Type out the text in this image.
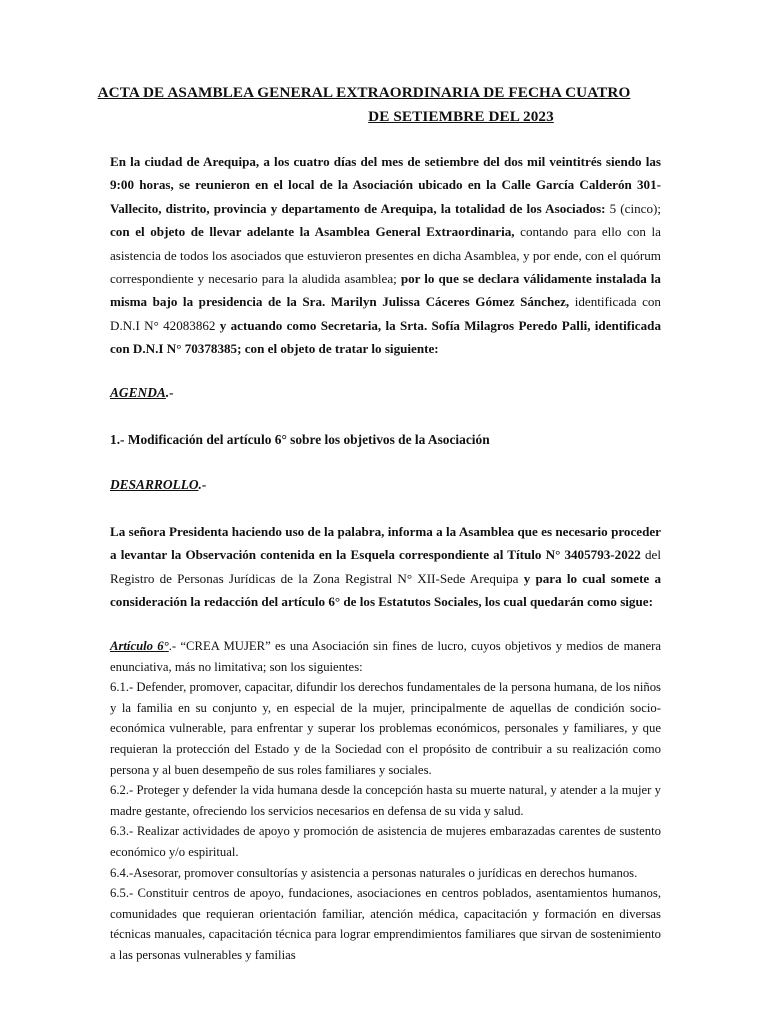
ACTA DE ASAMBLEA GENERAL EXTRAORDINARIA DE FECHA CUATRO
DE SETIEMBRE DEL 2023
En la ciudad de Arequipa, a los cuatro días del mes de setiembre del dos mil veintitrés siendo las 9:00 horas, se reunieron en el local de la Asociación ubicado en la Calle García Calderón 301- Vallecito, distrito, provincia y departamento de Arequipa, la totalidad de los Asociados: 5 (cinco); con el objeto de llevar adelante la Asamblea General Extraordinaria, contando para ello con la asistencia de todos los asociados que estuvieron presentes en dicha Asamblea, y por ende, con el quórum correspondiente y necesario para la aludida asamblea; por lo que se declara válidamente instalada la misma bajo la presidencia de la Sra. Marilyn Julissa Cáceres Gómez Sánchez, identificada con D.N.I N° 42083862 y actuando como Secretaria, la Srta. Sofía Milagros Peredo Palli, identificada con D.N.I N° 70378385; con el objeto de tratar lo siguiente:
AGENDA.-
1.- Modificación del artículo 6° sobre los objetivos de la Asociación
DESARROLLO.-
La señora Presidenta haciendo uso de la palabra, informa a la Asamblea que es necesario proceder a levantar la Observación contenida en la Esquela correspondiente al Título N° 3405793-2022 del Registro de Personas Jurídicas de la Zona Registral N° XII-Sede Arequipa y para lo cual somete a consideración la redacción del artículo 6° de los Estatutos Sociales, los cual quedarán como sigue:
Artículo 6°.- “CREA MUJER” es una Asociación sin fines de lucro, cuyos objetivos y medios de manera enunciativa, más no limitativa; son los siguientes:
6.1.- Defender, promover, capacitar, difundir los derechos fundamentales de la persona humana, de los niños y la familia en su conjunto y, en especial de la mujer, principalmente de aquellas de condición socio- económica vulnerable, para enfrentar y superar los problemas económicos, personales y familiares, y que requieran la protección del Estado y de la Sociedad con el propósito de contribuir a su realización como persona y al buen desempeño de sus roles familiares y sociales.
6.2.- Proteger y defender la vida humana desde la concepción hasta su muerte natural, y atender a la mujer y madre gestante, ofreciendo los servicios necesarios en defensa de su vida y salud.
6.3.- Realizar actividades de apoyo y promoción de asistencia de mujeres embarazadas carentes de sustento económico y/o espiritual.
6.4.-Asesorar, promover consultorías y asistencia a personas naturales o jurídicas en derechos humanos.
6.5.- Constituir centros de apoyo, fundaciones, asociaciones en centros poblados, asentamientos humanos, comunidades que requieran orientación familiar, atención médica, capacitación y formación en diversas técnicas manuales, capacitación técnica para lograr emprendimientos familiares que sirvan de sostenimiento a las personas vulnerables y familias
